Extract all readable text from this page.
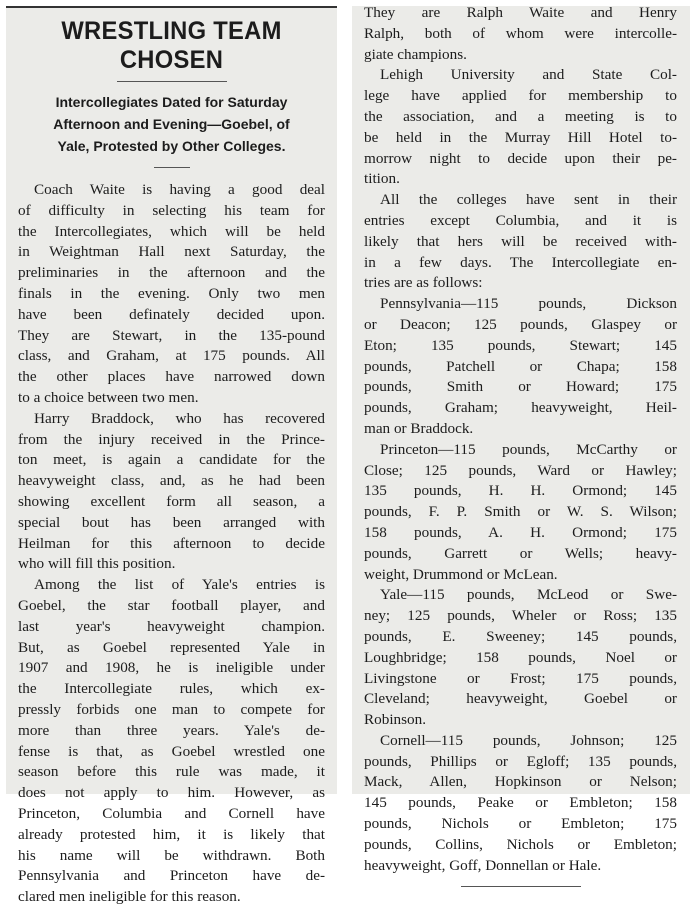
WRESTLING TEAM CHOSEN
Intercollegiates Dated for Saturday
Afternoon and Evening—Goebel, of
Yale, Protested by Other Colleges.
Coach Waite is having a good deal
of difficulty in selecting his team for
the Intercollegiates, which will be held
in Weightman Hall next Saturday, the
preliminaries in the afternoon and the
finals in the evening. Only two men
have been definately decided upon.
They are Stewart, in the 135-pound
class, and Graham, at 175 pounds. All
the other places have narrowed down
to a choice between two men.
Harry Braddock, who has recovered
from the injury received in the Prince-
ton meet, is again a candidate for the
heavyweight class, and, as he had been
showing excellent form all season, a
special bout has been arranged with
Heilman for this afternoon to decide
who will fill this position.
Among the list of Yale's entries is
Goebel, the star football player, and
last year's heavyweight champion.
But, as Goebel represented Yale in
1907 and 1908, he is ineligible under
the Intercollegiate rules, which ex-
pressly forbids one man to compete for
more than three years. Yale's de-
fense is that, as Goebel wrestled one
season before this rule was made, it
does not apply to him. However, as
Princeton, Columbia and Cornell have
already protested him, it is likely that
his name will be withdrawn. Both
Pennsylvania and Princeton have de-
clared men ineligible for this reason.
They are Ralph Waite and Henry
Ralph, both of whom were intercolle-
giate champions.
Lehigh University and State Col-
lege have applied for membership to
the association, and a meeting is to
be held in the Murray Hill Hotel to-
morrow night to decide upon their pe-
tition.
All the colleges have sent in their
entries except Columbia, and it is
likely that hers will be received with-
in a few days. The Intercollegiate en-
tries are as follows:
Pennsylvania—115 pounds, Dickson
or Deacon; 125 pounds, Glaspey or
Eton; 135 pounds, Stewart; 145
pounds, Patchell or Chapa; 158
pounds, Smith or Howard; 175
pounds, Graham; heavyweight, Heil-
man or Braddock.
Princeton—115 pounds, McCarthy or
Close; 125 pounds, Ward or Hawley;
135 pounds, H. H. Ormond; 145
pounds, F. P. Smith or W. S. Wilson;
158 pounds, A. H. Ormond; 175
pounds, Garrett or Wells; heavy-
weight, Drummond or McLean.
Yale—115 pounds, McLeod or Swe-
ney; 125 pounds, Wheler or Ross; 135
pounds, E. Sweeney; 145 pounds,
Loughbridge; 158 pounds, Noel or
Livingstone or Frost; 175 pounds,
Cleveland; heavyweight, Goebel or
Robinson.
Cornell—115 pounds, Johnson; 125
pounds, Phillips or Egloff; 135 pounds,
Mack, Allen, Hopkinson or Nelson;
145 pounds, Peake or Embleton; 158
pounds, Nichols or Embleton; 175
pounds, Collins, Nichols or Embleton;
heavyweight, Goff, Donnellan or Hale.
